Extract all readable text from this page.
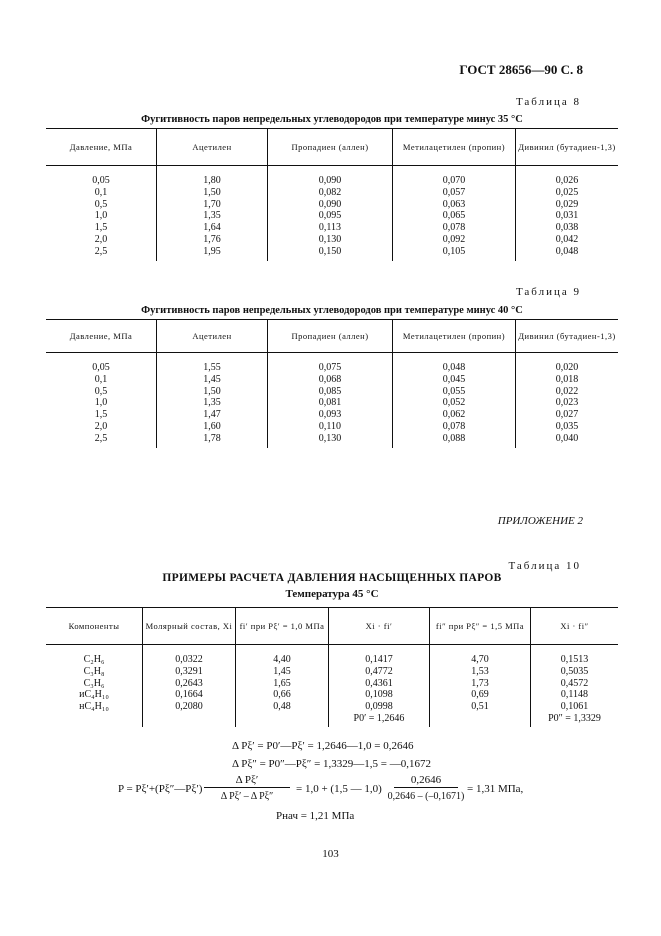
ГОСТ 28656—90 С. 8
Таблица 8
Фугитивность паров непредельных углеводородов при температуре минус 35 °С
Давление, МПа	Ацетилен	Пропадиен (аллен)	Метилацетилен (пропин)	Дивинил (бутадиен-1,3)
0,05	1,80	0,090	0,070	0,026
0,1	1,50	0,082	0,057	0,025
0,5	1,70	0,090	0,063	0,029
1,0	1,35	0,095	0,065	0,031
1,5	1,64	0,113	0,078	0,038
2,0	1,76	0,130	0,092	0,042
2,5	1,95	0,150	0,105	0,048
Таблица 9
Фугитивность паров непредельных углеводородов при температуре минус 40 °С
Давление, МПа	Ацетилен	Пропадиен (аллен)	Метилацетилен (пропин)	Дивинил (бутадиен-1,3)
0,05	1,55	0,075	0,048	0,020
0,1	1,45	0,068	0,045	0,018
0,5	1,50	0,085	0,055	0,022
1,0	1,35	0,081	0,052	0,023
1,5	1,47	0,093	0,062	0,027
2,0	1,60	0,110	0,078	0,035
2,5	1,78	0,130	0,088	0,040
ПРИЛОЖЕНИЕ 2
Таблица 10
ПРИМЕРЫ РАСЧЕТА ДАВЛЕНИЯ НАСЫЩЕННЫХ ПАРОВ
Температура 45 °С
Компоненты	Молярный состав, Xi	fi′ при Pξ′ = 1,0 МПа	Xi · fi′	fi″ при Pξ″ = 1,5 МПа	Xi · fi″
C₂H₆	0,0322	4,40	0,1417	4,70	0,1513
C₃H₈	0,3291	1,45	0,4772	1,53	0,5035
C₃H₆	0,2643	1,65	0,4361	1,73	0,4572
иC₄H₁₀	0,1664	0,66	0,1098	0,69	0,1148
нC₄H₁₀	0,2080	0,48	0,0998	0,51	0,1061
			P0′ = 1,2646		P0″ = 1,3329
Δ Pξ′ = P0′—Pξ′ = 1,2646—1,0 = 0,2646
Δ Pξ″ = P0″—Pξ″ = 1,3329—1,5 = —0,1672
P = Pξ′+(Pξ″—Pξ′)
Δ Pξ′
Δ Pξ′ – Δ Pξ″
= 1,0 + (1,5 — 1,0)
0,2646
0,2646 – (–0,1671)
= 1,31 МПа,
Pнач = 1,21 МПа
103
